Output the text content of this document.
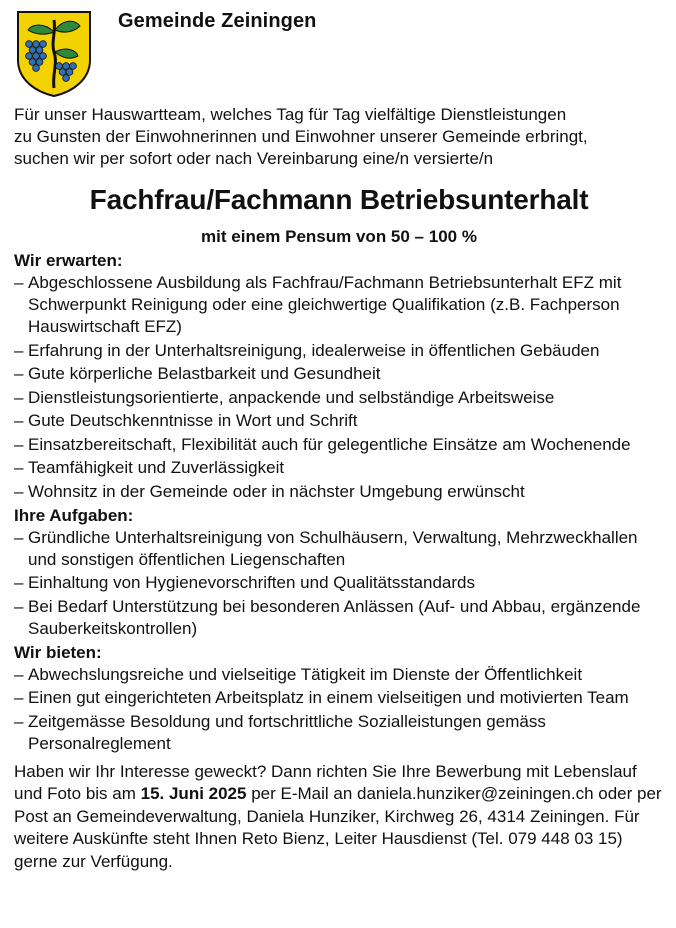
Gemeinde Zeiningen
Für unser Hauswartteam, welches Tag für Tag vielfältige Dienstleistungen
zu Gunsten der Einwohnerinnen und Einwohner unserer Gemeinde erbringt,
suchen wir per sofort oder nach Vereinbarung eine/n versierte/n
Fachfrau/Fachmann Betriebsunterhalt
mit einem Pensum von 50 – 100 %
Wir erwarten:
– Abgeschlossene Ausbildung als Fachfrau/Fachmann Betriebsunterhalt EFZ mit Schwerpunkt Reinigung oder eine gleichwertige Qualifikation (z.B. Fachperson Hauswirtschaft EFZ)
– Erfahrung in der Unterhaltsreinigung, idealerweise in öffentlichen Gebäuden
– Gute körperliche Belastbarkeit und Gesundheit
– Dienstleistungsorientierte, anpackende und selbständige Arbeitsweise
– Gute Deutschkenntnisse in Wort und Schrift
– Einsatzbereitschaft, Flexibilität auch für gelegentliche Einsätze am Wochenende
– Teamfähigkeit und Zuverlässigkeit
– Wohnsitz in der Gemeinde oder in nächster Umgebung erwünscht
Ihre Aufgaben:
– Gründliche Unterhaltsreinigung von Schulhäusern, Verwaltung, Mehrzweckhallen und sonstigen öffentlichen Liegenschaften
– Einhaltung von Hygienevorschriften und Qualitätsstandards
– Bei Bedarf Unterstützung bei besonderen Anlässen (Auf- und Abbau, ergänzende Sauberkeitskontrollen)
Wir bieten:
– Abwechslungsreiche und vielseitige Tätigkeit im Dienste der Öffentlichkeit
– Einen gut eingerichteten Arbeitsplatz in einem vielseitigen und motivierten Team
– Zeitgemässe Besoldung und fortschrittliche Sozialleistungen gemäss Personalreglement
Haben wir Ihr Interesse geweckt? Dann richten Sie Ihre Bewerbung mit Lebenslauf und Foto bis am 15. Juni 2025 per E-Mail an daniela.hunziker@zeiningen.ch oder per Post an Gemeindeverwaltung, Daniela Hunziker, Kirchweg 26, 4314 Zeiningen. Für weitere Auskünfte steht Ihnen Reto Bienz, Leiter Hausdienst (Tel. 079 448 03 15) gerne zur Verfügung.
